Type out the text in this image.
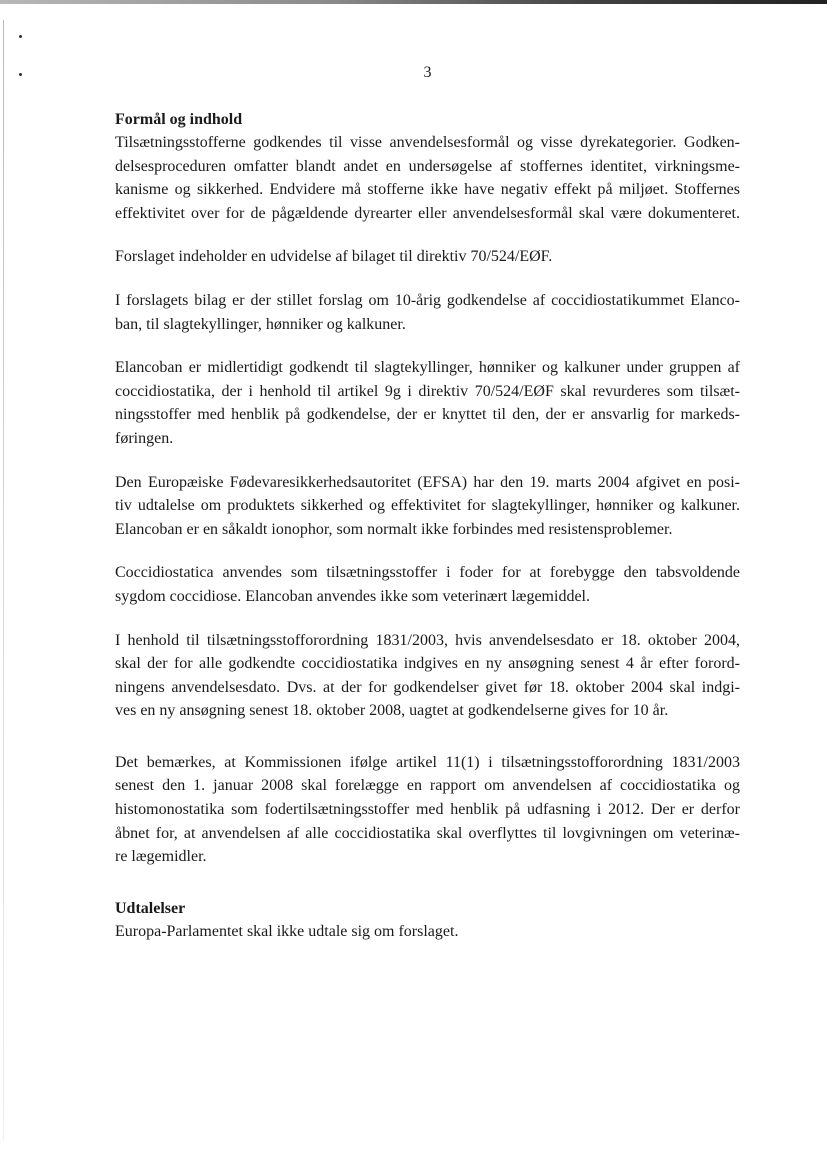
3
Formål og indhold

Tilsætningsstofferne godkendes til visse anvendelsesformål og visse dyrekategorier. Godken-
delsesproceduren omfatter blandt andet en undersøgelse af stoffernes identitet, virkningsme-
kanisme og sikkerhed. Endvidere må stofferne ikke have negativ effekt på miljøet. Stoffernes
effektivitet over for de pågældende dyrearter eller anvendelsesformål skal være dokumenteret.

Forslaget indeholder en udvidelse af bilaget til direktiv 70/524/EØF.

I forslagets bilag er der stillet forslag om 10-årig godkendelse af coccidiostatikummet Elanco-
ban, til slagtekyllinger, hønniker og kalkuner.

Elancoban er midlertidigt godkendt til slagtekyllinger, hønniker og kalkuner under gruppen af
coccidiostatika, der i henhold til artikel 9g i direktiv 70/524/EØF skal revurderes som tilsæt-
ningsstoffer med henblik på godkendelse, der er knyttet til den, der er ansvarlig for markeds-
føringen.

Den Europæiske Fødevaresikkerhedsautoritet (EFSA) har den 19. marts 2004 afgivet en posi-
tiv udtalelse om produktets sikkerhed og effektivitet for slagtekyllinger, hønniker og kalkuner.
Elancoban er en såkaldt ionophor, som normalt ikke forbindes med resistensproblemer.

Coccidiostatica anvendes som tilsætningsstoffer i foder for at forebygge den tabsvoldende
sygdom coccidiose. Elancoban anvendes ikke som veterinært lægemiddel.

I henhold til tilsætningsstofforordning 1831/2003, hvis anvendelsesdato er 18. oktober 2004,
skal der for alle godkendte coccidiostatika indgives en ny ansøgning senest 4 år efter forord-
ningens anvendelsesdato. Dvs. at der for godkendelser givet før 18. oktober 2004 skal indgi-
ves en ny ansøgning senest 18. oktober 2008, uagtet at godkendelserne gives for 10 år.

Det bemærkes, at Kommissionen ifølge artikel 11(1) i tilsætningsstofforordning 1831/2003
senest den 1. januar 2008 skal forelægge en rapport om anvendelsen af coccidiostatika og
histomonostatika som fodertilsætningsstoffer med henblik på udfasning i 2012. Der er derfor
åbnet for, at anvendelsen af alle coccidiostatika skal overflyttes til lovgivningen om veterinæ-
re lægemidler.

Udtalelser

Europa-Parlamentet skal ikke udtale sig om forslaget.
